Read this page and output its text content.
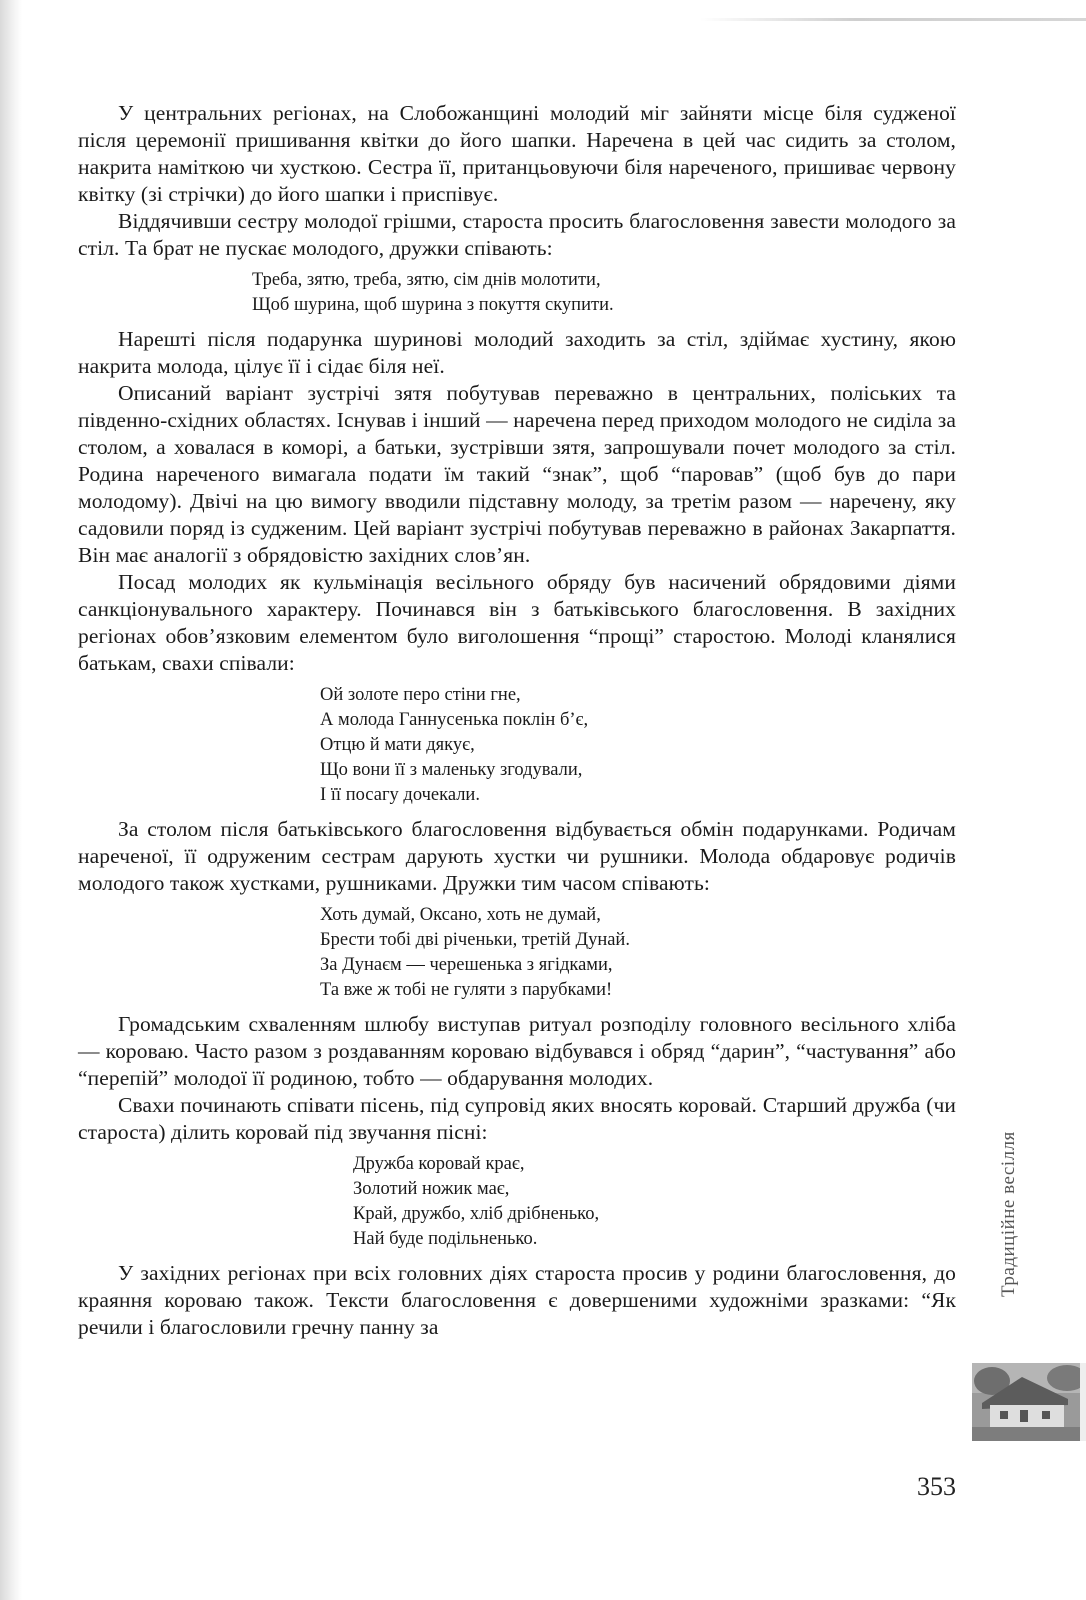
У центральних регіонах, на Слобожанщині молодий міг зайняти місце біля судженої після церемонії пришивання квітки до його шапки. Наречена в цей час сидить за столом, накрита наміткою чи хусткою. Сестра її, пританцьовуючи біля нареченого, пришиває червону квітку (зі стрічки) до його шапки і приспівує.

Віддячивши сестру молодої грішми, староста просить благословення завести молодого за стіл. Та брат не пускає молодого, дружки співають:

Треба, зятю, треба, зятю, сім днів молотити,
Щоб шурина, щоб шурина з покуття скупити.

Нарешті після подарунка шуринові молодий заходить за стіл, здіймає хустину, якою накрита молода, цілує її і сідає біля неї.

Описаний варіант зустрічі зятя побутував переважно в центральних, поліських та південно-східних областях. Існував і інший — наречена перед приходом молодого не сиділа за столом, а ховалася в коморі, а батьки, зустрівши зятя, запрошували почет молодого за стіл. Родина нареченого вимагала подати їм такий “знак”, щоб “паровав” (щоб був до пари молодому). Двічі на цю вимогу вводили підставну молоду, за третім разом — наречену, яку садовили поряд із судженим. Цей варіант зустрічі побутував переважно в районах Закарпаття. Він має аналогії з обрядовістю західних слов’ян.

Посад молодих як кульмінація весільного обряду був насичений обрядовими діями санкціонувального характеру. Починався він з батьківського благословення. В західних регіонах обов’язковим елементом було виголошення “прощі” старостою. Молоді кланялися батькам, свахи співали:

Ой золоте перо стіни гне,
А молода Ганнусенька поклін б’є,
Отцю й мати дякує,
Що вони її з маленьку згодували,
І її посагу дочекали.

За столом після батьківського благословення відбувається обмін подарунками. Родичам нареченої, її одруженим сестрам дарують хустки чи рушники. Молода обдаровує родичів молодого також хустками, рушниками. Дружки тим часом співають:

Хоть думай, Оксано, хоть не думай,
Брести тобі дві річеньки, третій Дунай.
За Дунаєм — черешенька з ягідками,
Та вже ж тобі не гуляти з парубками!

Громадським схваленням шлюбу виступав ритуал розподілу головного весільного хліба — короваю. Часто разом з роздаванням короваю відбувався і обряд “дарин”, “частування” або “перепій” молодої її родиною, тобто — обдарування молодих.

Свахи починають співати пісень, під супровід яких вносять коровай. Старший дружба (чи староста) ділить коровай під звучання пісні:

Дружба коровай крає,
Золотий ножик має,
Край, дружбо, хліб дрібненько,
Най буде подільненько.

У західних регіонах при всіх головних діях староста просив у родини благословення, до краяння короваю також. Тексти благословення є довершеними художніми зразками: “Як речили і благословили гречну панну за

Традиційне весілля
353
